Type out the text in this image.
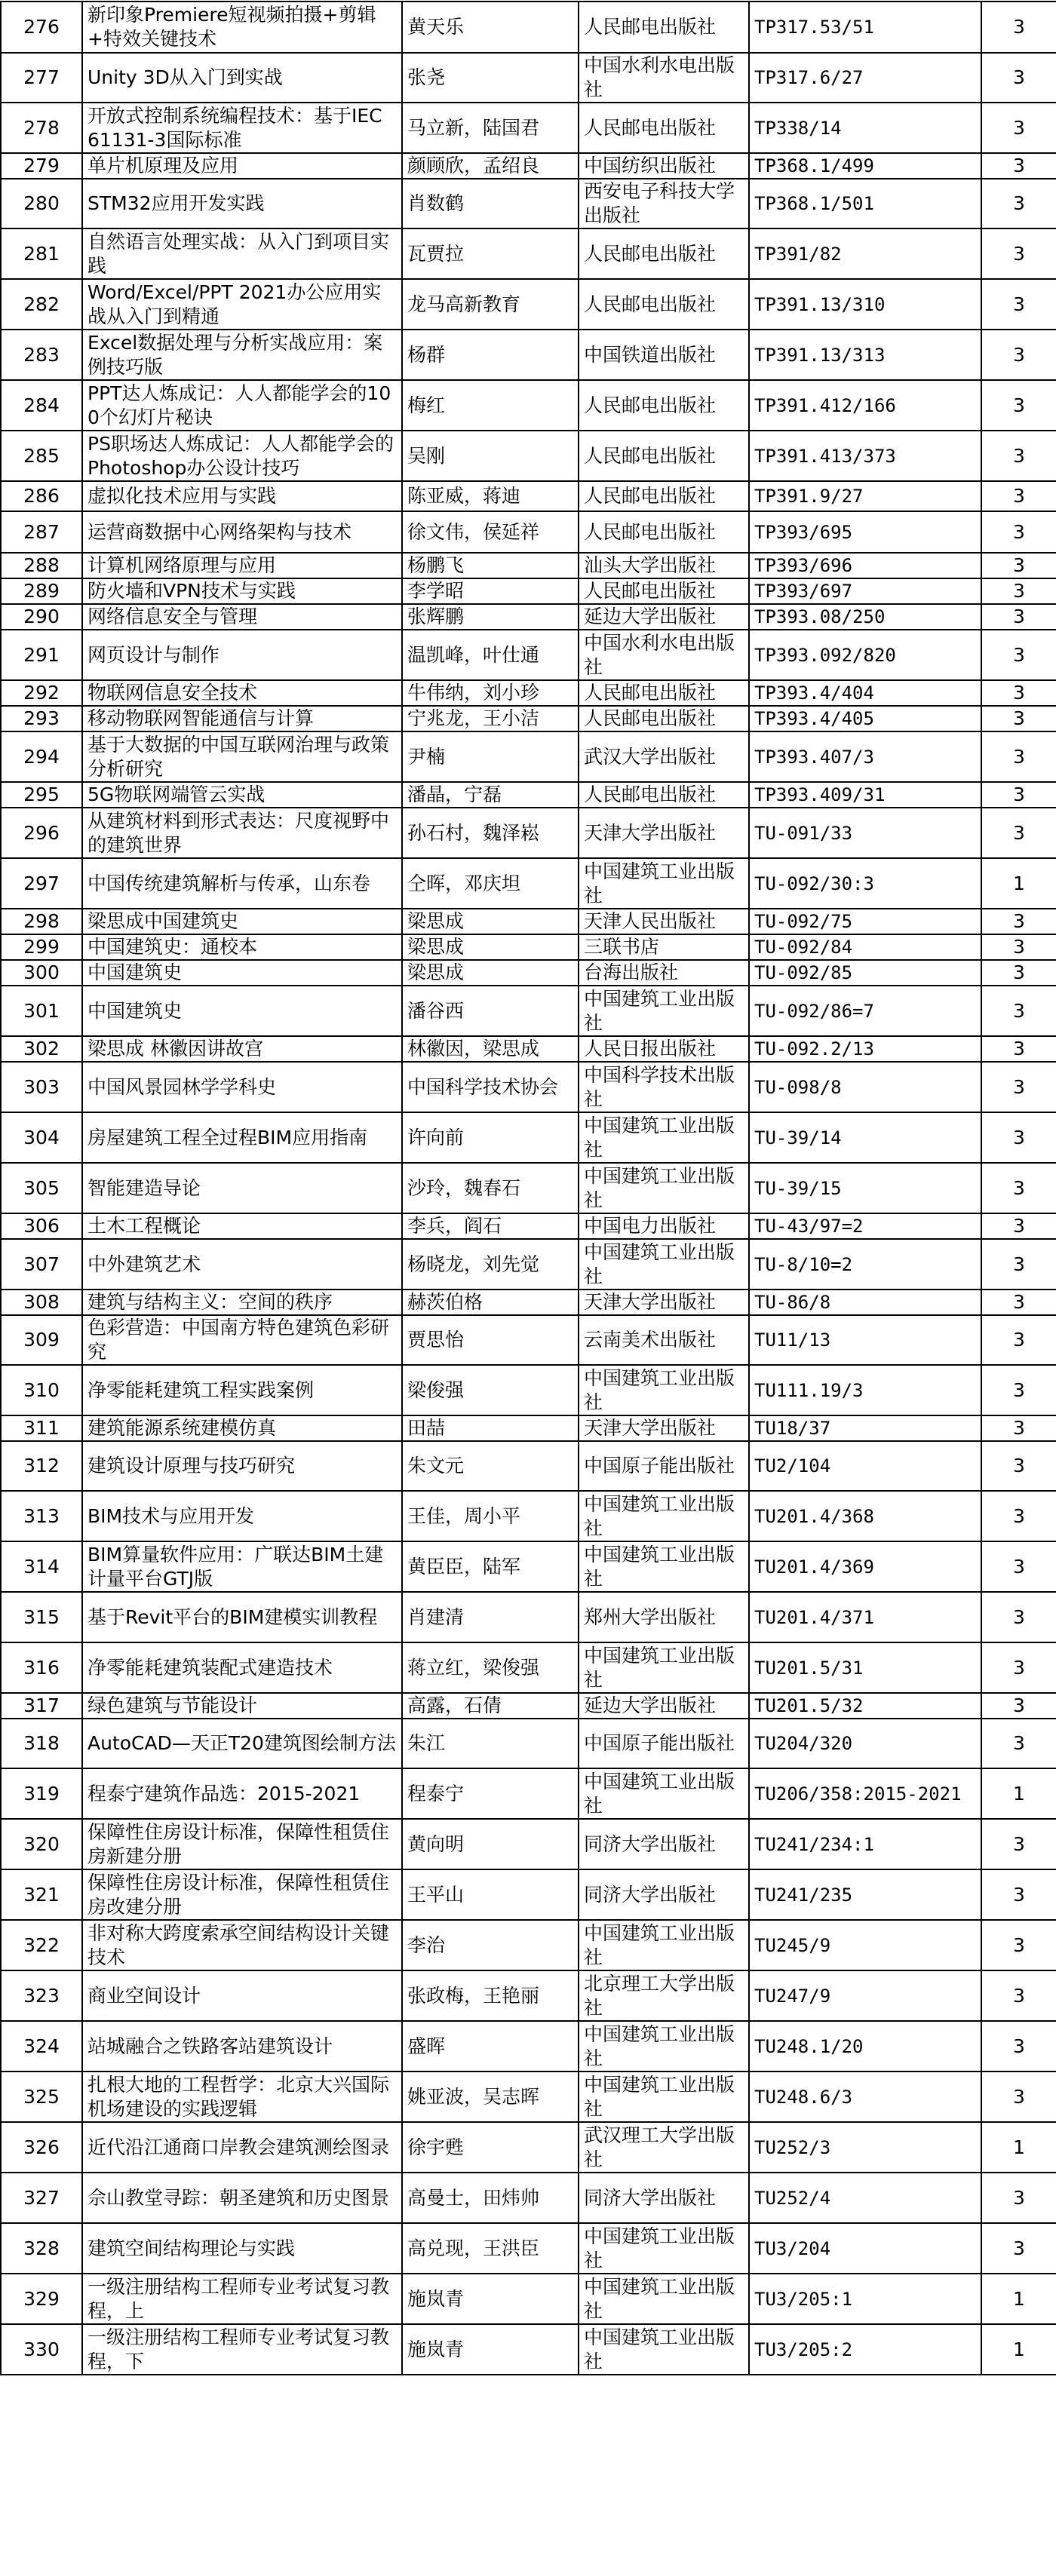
276	新印象Premiere短视频拍摄+剪辑+特效关键技术	黄天乐	人民邮电出版社	TP317.53/51	3
277	Unity 3D从入门到实战	张尧	中国水利水电出版社	TP317.6/27	3
278	开放式控制系统编程技术：基于IEC 61131-3国际标准	马立新，陆国君	人民邮电出版社	TP338/14	3
279	单片机原理及应用	颜顾欣，孟绍良	中国纺织出版社	TP368.1/499	3
280	STM32应用开发实践	肖数鹤	西安电子科技大学出版社	TP368.1/501	3
281	自然语言处理实战：从入门到项目实践	瓦贾拉	人民邮电出版社	TP391/82	3
282	Word/Excel/PPT 2021办公应用实战从入门到精通	龙马高新教育	人民邮电出版社	TP391.13/310	3
283	Excel数据处理与分析实战应用：案例技巧版	杨群	中国铁道出版社	TP391.13/313	3
284	PPT达人炼成记：人人都能学会的100个幻灯片秘诀	梅红	人民邮电出版社	TP391.412/166	3
285	PS职场达人炼成记：人人都能学会的Photoshop办公设计技巧	吴刚	人民邮电出版社	TP391.413/373	3
286	虚拟化技术应用与实践	陈亚威，蒋迪	人民邮电出版社	TP391.9/27	3
287	运营商数据中心网络架构与技术	徐文伟，侯延祥	人民邮电出版社	TP393/695	3
288	计算机网络原理与应用	杨鹏飞	汕头大学出版社	TP393/696	3
289	防火墙和VPN技术与实践	李学昭	人民邮电出版社	TP393/697	3
290	网络信息安全与管理	张辉鹏	延边大学出版社	TP393.08/250	3
291	网页设计与制作	温凯峰，叶仕通	中国水利水电出版社	TP393.092/820	3
292	物联网信息安全技术	牛伟纳，刘小珍	人民邮电出版社	TP393.4/404	3
293	移动物联网智能通信与计算	宁兆龙，王小洁	人民邮电出版社	TP393.4/405	3
294	基于大数据的中国互联网治理与政策分析研究	尹楠	武汉大学出版社	TP393.407/3	3
295	5G物联网端管云实战	潘晶，宁磊	人民邮电出版社	TP393.409/31	3
296	从建筑材料到形式表达：尺度视野中的建筑世界	孙石村，魏泽崧	天津大学出版社	TU-091/33	3
297	中国传统建筑解析与传承，山东卷	仝晖，邓庆坦	中国建筑工业出版社	TU-092/30:3	1
298	梁思成中国建筑史	梁思成	天津人民出版社	TU-092/75	3
299	中国建筑史：通校本	梁思成	三联书店	TU-092/84	3
300	中国建筑史	梁思成	台海出版社	TU-092/85	3
301	中国建筑史	潘谷西	中国建筑工业出版社	TU-092/86=7	3
302	梁思成 林徽因讲故宫	林徽因，梁思成	人民日报出版社	TU-092.2/13	3
303	中国风景园林学学科史	中国科学技术协会	中国科学技术出版社	TU-098/8	3
304	房屋建筑工程全过程BIM应用指南	许向前	中国建筑工业出版社	TU-39/14	3
305	智能建造导论	沙玲，魏春石	中国建筑工业出版社	TU-39/15	3
306	土木工程概论	李兵，阎石	中国电力出版社	TU-43/97=2	3
307	中外建筑艺术	杨晓龙，刘先觉	中国建筑工业出版社	TU-8/10=2	3
308	建筑与结构主义：空间的秩序	赫茨伯格	天津大学出版社	TU-86/8	3
309	色彩营造：中国南方特色建筑色彩研究	贾思怡	云南美术出版社	TU11/13	3
310	净零能耗建筑工程实践案例	梁俊强	中国建筑工业出版社	TU111.19/3	3
311	建筑能源系统建模仿真	田喆	天津大学出版社	TU18/37	3
312	建筑设计原理与技巧研究	朱文元	中国原子能出版社	TU2/104	3
313	BIM技术与应用开发	王佳，周小平	中国建筑工业出版社	TU201.4/368	3
314	BIM算量软件应用：广联达BIM土建计量平台GTJ版	黄臣臣，陆军	中国建筑工业出版社	TU201.4/369	3
315	基于Revit平台的BIM建模实训教程	肖建清	郑州大学出版社	TU201.4/371	3
316	净零能耗建筑装配式建造技术	蒋立红，梁俊强	中国建筑工业出版社	TU201.5/31	3
317	绿色建筑与节能设计	高露，石倩	延边大学出版社	TU201.5/32	3
318	AutoCAD—天正T20建筑图绘制方法	朱江	中国原子能出版社	TU204/320	3
319	程泰宁建筑作品选：2015-2021	程泰宁	中国建筑工业出版社	TU206/358:2015-2021	1
320	保障性住房设计标准，保障性租赁住房新建分册	黄向明	同济大学出版社	TU241/234:1	3
321	保障性住房设计标准，保障性租赁住房改建分册	王平山	同济大学出版社	TU241/235	3
322	非对称大跨度索承空间结构设计关键技术	李治	中国建筑工业出版社	TU245/9	3
323	商业空间设计	张政梅，王艳丽	北京理工大学出版社	TU247/9	3
324	站城融合之铁路客站建筑设计	盛晖	中国建筑工业出版社	TU248.1/20	3
325	扎根大地的工程哲学：北京大兴国际机场建设的实践逻辑	姚亚波，吴志晖	中国建筑工业出版社	TU248.6/3	3
326	近代沿江通商口岸教会建筑测绘图录	徐宇甦	武汉理工大学出版社	TU252/3	1
327	佘山教堂寻踪：朝圣建筑和历史图景	高曼士，田炜帅	同济大学出版社	TU252/4	3
328	建筑空间结构理论与实践	高兑现，王洪臣	中国建筑工业出版社	TU3/204	3
329	一级注册结构工程师专业考试复习教程，上	施岚青	中国建筑工业出版社	TU3/205:1	1
330	一级注册结构工程师专业考试复习教程，下	施岚青	中国建筑工业出版社	TU3/205:2	1
